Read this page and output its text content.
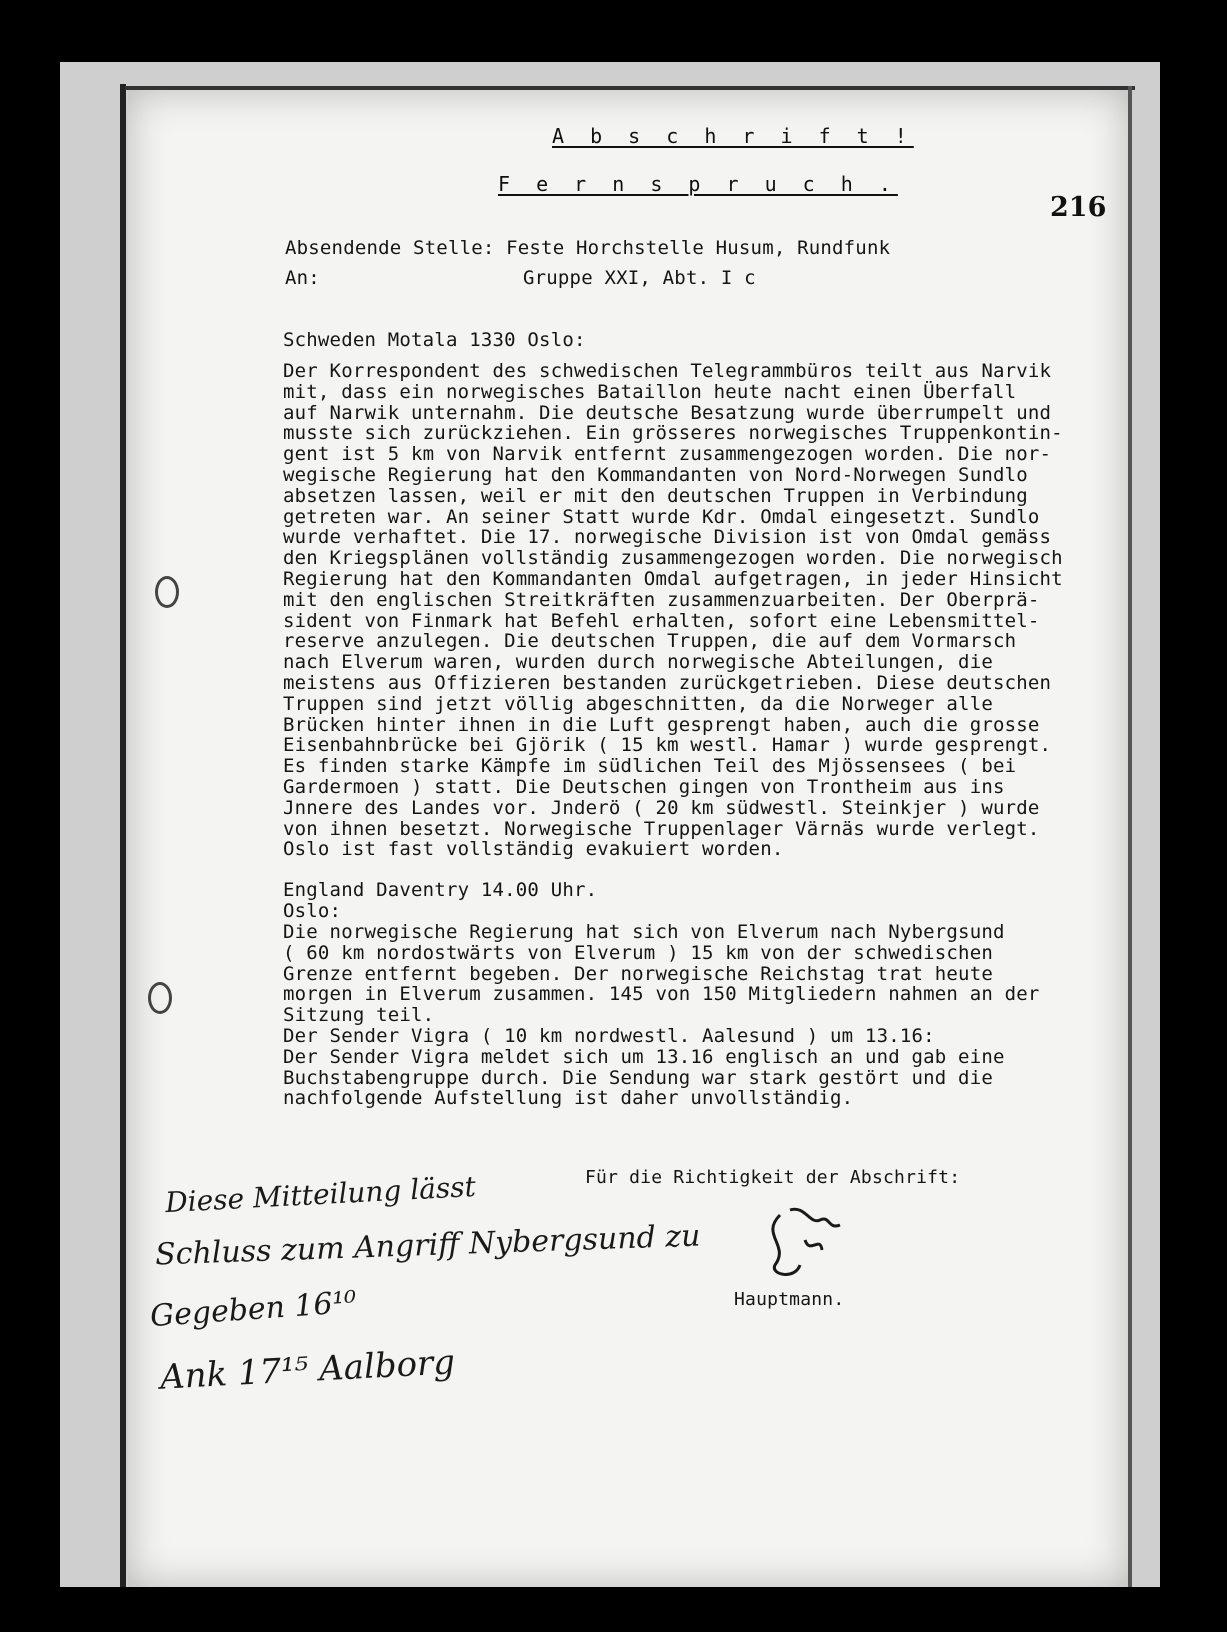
A b s c h r i f t !
F e r n s p r u c h .
216
Absendende Stelle: Feste Horchstelle Husum, Rundfunk
An:	Gruppe XXI, Abt. I c
Schweden Motala 1330 Oslo:
Der Korrespondent des schwedischen Telegrammbüros teilt aus Narvik
mit, dass ein norwegisches Bataillon heute nacht einen Überfall
auf Narwik unternahm. Die deutsche Besatzung wurde überrumpelt und
musste sich zurückziehen. Ein grösseres norwegisches Truppenkontin-
gent ist 5 km von Narvik entfernt zusammengezogen worden. Die nor-
wegische Regierung hat den Kommandanten von Nord-Norwegen Sundlo
absetzen lassen, weil er mit den deutschen Truppen in Verbindung
getreten war. An seiner Statt wurde Kdr. Omdal eingesetzt. Sundlo
wurde verhaftet. Die 17. norwegische Division ist von Omdal gemäss
den Kriegsplänen vollständig zusammengezogen worden. Die norwegisch
Regierung hat den Kommandanten Omdal aufgetragen, in jeder Hinsicht
mit den englischen Streitkräften zusammenzuarbeiten. Der Oberprä-
sident von Finmark hat Befehl erhalten, sofort eine Lebensmittel-
reserve anzulegen. Die deutschen Truppen, die auf dem Vormarsch
nach Elverum waren, wurden durch norwegische Abteilungen, die
meistens aus Offizieren bestanden zurückgetrieben. Diese deutschen
Truppen sind jetzt völlig abgeschnitten, da die Norweger alle
Brücken hinter ihnen in die Luft gesprengt haben, auch die grosse
Eisenbahnbrücke bei Gjörik ( 15 km westl. Hamar ) wurde gesprengt.
Es finden starke Kämpfe im südlichen Teil des Mjössensees ( bei
Gardermoen ) statt. Die Deutschen gingen von Trontheim aus ins
Jnnere des Landes vor. Jnderö ( 20 km südwestl. Steinkjer ) wurde
von ihnen besetzt. Norwegische Truppenlager Värnäs wurde verlegt.
Oslo ist fast vollständig evakuiert worden.
England Daventry 14.00 Uhr.
Oslo:
Die norwegische Regierung hat sich von Elverum nach Nybergsund
( 60 km nordostwärts von Elverum ) 15 km von der schwedischen
Grenze entfernt begeben. Der norwegische Reichstag trat heute
morgen in Elverum zusammen. 145 von 150 Mitgliedern nahmen an der
Sitzung teil.
Der Sender Vigra ( 10 km nordwestl. Aalesund ) um 13.16:
Der Sender Vigra meldet sich um 13.16 englisch an und gab eine
Buchstabengruppe durch. Die Sendung war stark gestört und die
nachfolgende Aufstellung ist daher unvollständig.
Für die Richtigkeit der Abschrift:
Hauptmann.
Diese Mitteilung lässt
Schluss zum Angriff Nybergsund zu
Gegeben 16¹⁰
Ank 17¹⁵ Aalborg
